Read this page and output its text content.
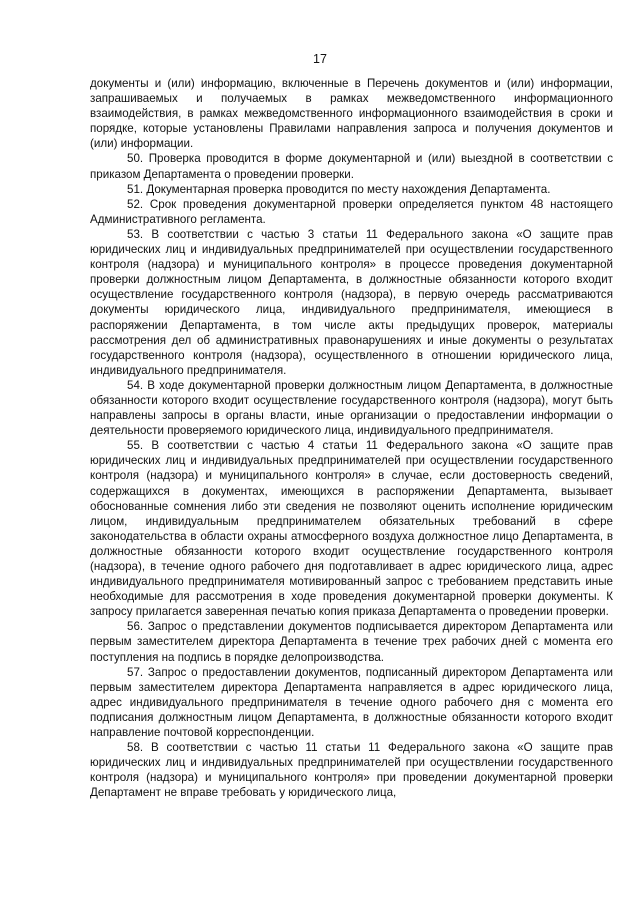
17

документы и (или) информацию, включенные в Перечень документов и (или) информации, запрашиваемых и получаемых в рамках межведомственного информационного взаимодействия, в рамках межведомственного информационного взаимодействия в сроки и порядке, которые установлены Правилами направления запроса и получения документов и (или) информации.

50. Проверка проводится в форме документарной и (или) выездной в соответствии с приказом Департамента о проведении проверки.

51. Документарная проверка проводится по месту нахождения Департамента.

52. Срок проведения документарной проверки определяется пунктом 48 настоящего Административного регламента.

53. В соответствии с частью 3 статьи 11 Федерального закона «О защите прав юридических лиц и индивидуальных предпринимателей при осуществлении государственного контроля (надзора) и муниципального контроля» в процессе проведения документарной проверки должностным лицом Департамента, в должностные обязанности которого входит осуществление государственного контроля (надзора), в первую очередь рассматриваются документы юридического лица, индивидуального предпринимателя, имеющиеся в распоряжении Департамента, в том числе акты предыдущих проверок, материалы рассмотрения дел об административных правонарушениях и иные документы о результатах государственного контроля (надзора), осуществленного в отношении юридического лица, индивидуального предпринимателя.

54. В ходе документарной проверки должностным лицом Департамента, в должностные обязанности которого входит осуществление государственного контроля (надзора), могут быть направлены запросы в органы власти, иные организации о предоставлении информации о деятельности проверяемого юридического лица, индивидуального предпринимателя.

55. В соответствии с частью 4 статьи 11 Федерального закона «О защите прав юридических лиц и индивидуальных предпринимателей при осуществлении государственного контроля (надзора) и муниципального контроля» в случае, если достоверность сведений, содержащихся в документах, имеющихся в распоряжении Департамента, вызывает обоснованные сомнения либо эти сведения не позволяют оценить исполнение юридическим лицом, индивидуальным предпринимателем обязательных требований в сфере законодательства в области охраны атмосферного воздуха должностное лицо Департамента, в должностные обязанности которого входит осуществление государственного контроля (надзора), в течение одного рабочего дня подготавливает в адрес юридического лица, адрес индивидуального предпринимателя мотивированный запрос с требованием представить иные необходимые для рассмотрения в ходе проведения документарной проверки документы. К запросу прилагается заверенная печатью копия приказа Департамента о проведении проверки.

56. Запрос о представлении документов подписывается директором Департамента или первым заместителем директора Департамента в течение трех рабочих дней с момента его поступления на подпись в порядке делопроизводства.

57. Запрос о предоставлении документов, подписанный директором Департамента или первым заместителем директора Департамента направляется в адрес юридического лица, адрес индивидуального предпринимателя в течение одного рабочего дня с момента его подписания должностным лицом Департамента, в должностные обязанности которого входит направление почтовой корреспонденции.

58. В соответствии с частью 11 статьи 11 Федерального закона «О защите прав юридических лиц и индивидуальных предпринимателей при осуществлении государственного контроля (надзора) и муниципального контроля» при проведении документарной проверки Департамент не вправе требовать у юридического лица,
